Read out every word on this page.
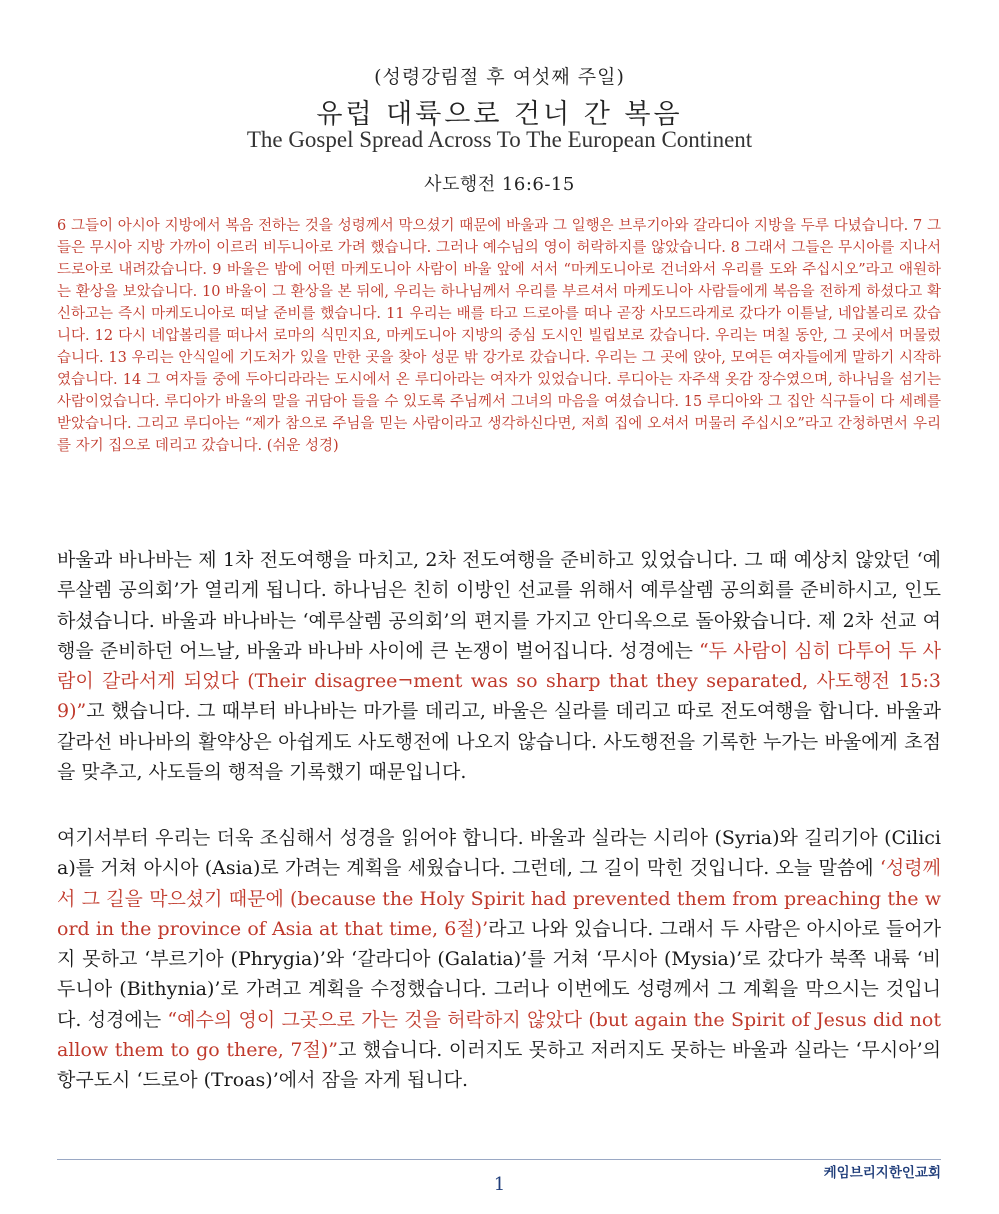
(성령강림절 후 여섯째 주일)
유럽 대륙으로 건너 간 복음
The Gospel Spread Across To The European Continent
사도행전 16:6-15
6 그들이 아시아 지방에서 복음 전하는 것을 성령께서 막으셨기 때문에 바울과 그 일행은 브루기아와 갈라디아 지방을 두루 다녔습니다. 7 그들은 무시아 지방 가까이 이르러 비두니아로 가려 했습니다. 그러나 예수님의 영이 허락하지를 않았습니다. 8 그래서 그들은 무시아를 지나서 드로아로 내려갔습니다. 9 바울은 밤에 어떤 마케도니아 사람이 바울 앞에 서서 “마케도니아로 건너와서 우리를 도와 주십시오”라고 애원하는 환상을 보았습니다. 10 바울이 그 환상을 본 뒤에, 우리는 하나님께서 우리를 부르셔서 마케도니아 사람들에게 복음을 전하게 하셨다고 확신하고는 즉시 마케도니아로 떠날 준비를 했습니다. 11 우리는 배를 타고 드로아를 떠나 곧장 사모드라게로 갔다가 이튿날, 네압볼리로 갔습니다. 12 다시 네압볼리를 떠나서 로마의 식민지요, 마케도니아 지방의 중심 도시인 빌립보로 갔습니다. 우리는 며칠 동안, 그 곳에서 머물렀습니다. 13 우리는 안식일에 기도처가 있을 만한 곳을 찾아 성문 밖 강가로 갔습니다. 우리는 그 곳에 앉아, 모여든 여자들에게 말하기 시작하였습니다. 14 그 여자들 중에 두아디라라는 도시에서 온 루디아라는 여자가 있었습니다. 루디아는 자주색 옷감 장수였으며, 하나님을 섬기는 사람이었습니다. 루디아가 바울의 말을 귀담아 들을 수 있도록 주님께서 그녀의 마음을 여셨습니다. 15 루디아와 그 집안 식구들이 다 세례를 받았습니다. 그리고 루디아는 “제가 참으로 주님을 믿는 사람이라고 생각하신다면, 저희 집에 오셔서 머물러 주십시오”라고 간청하면서 우리를 자기 집으로 데리고 갔습니다. (쉬운 성경)
바울과 바나바는 제 1차 전도여행을 마치고, 2차 전도여행을 준비하고 있었습니다. 그 때 예상치 않았던 ‘예루살렘 공의회’가 열리게 됩니다. 하나님은 친히 이방인 선교를 위해서 예루살렘 공의회를 준비하시고, 인도하셨습니다. 바울과 바나바는 ‘예루살렘 공의회’의 편지를 가지고 안디옥으로 돌아왔습니다. 제 2차 선교 여행을 준비하던 어느날, 바울과 바나바 사이에 큰 논쟁이 벌어집니다. 성경에는 “두 사람이 심히 다투어 두 사람이 갈라서게 되었다 (Their disagree¬ment was so sharp that they separated, 사도행전 15:39)”고 했습니다. 그 때부터 바나바는 마가를 데리고, 바울은 실라를 데리고 따로 전도여행을 합니다. 바울과 갈라선 바나바의 활약상은 아쉽게도 사도행전에 나오지 않습니다. 사도행전을 기록한 누가는 바울에게 초점을 맞추고, 사도들의 행적을 기록했기 때문입니다.
여기서부터 우리는 더욱 조심해서 성경을 읽어야 합니다. 바울과 실라는 시리아 (Syria)와 길리기아 (Cilicia)를 거쳐 아시아 (Asia)로 가려는 계획을 세웠습니다. 그런데, 그 길이 막힌 것입니다. 오늘 말씀에 ‘성령께서 그 길을 막으셨기 때문에 (because the Holy Spirit had prevented them from preaching the word in the province of Asia at that time, 6절)’라고 나와 있습니다. 그래서 두 사람은 아시아로 들어가지 못하고 ‘부르기아 (Phrygia)’와 ‘갈라디아 (Galatia)’를 거쳐 ‘무시아 (Mysia)’로 갔다가 북쪽 내륙 ‘비두니아 (Bithynia)’로 가려고 계획을 수정했습니다. 그러나 이번에도 성령께서 그 계획을 막으시는 것입니다. 성경에는 “예수의 영이 그곳으로 가는 것을 허락하지 않았다 (but again the Spirit of Jesus did not allow them to go there, 7절)”고 했습니다. 이러지도 못하고 저러지도 못하는 바울과 실라는 ‘무시아’의 항구도시 ‘드로아 (Troas)’에서 잠을 자게 됩니다.
1
케임브리지한인교회
